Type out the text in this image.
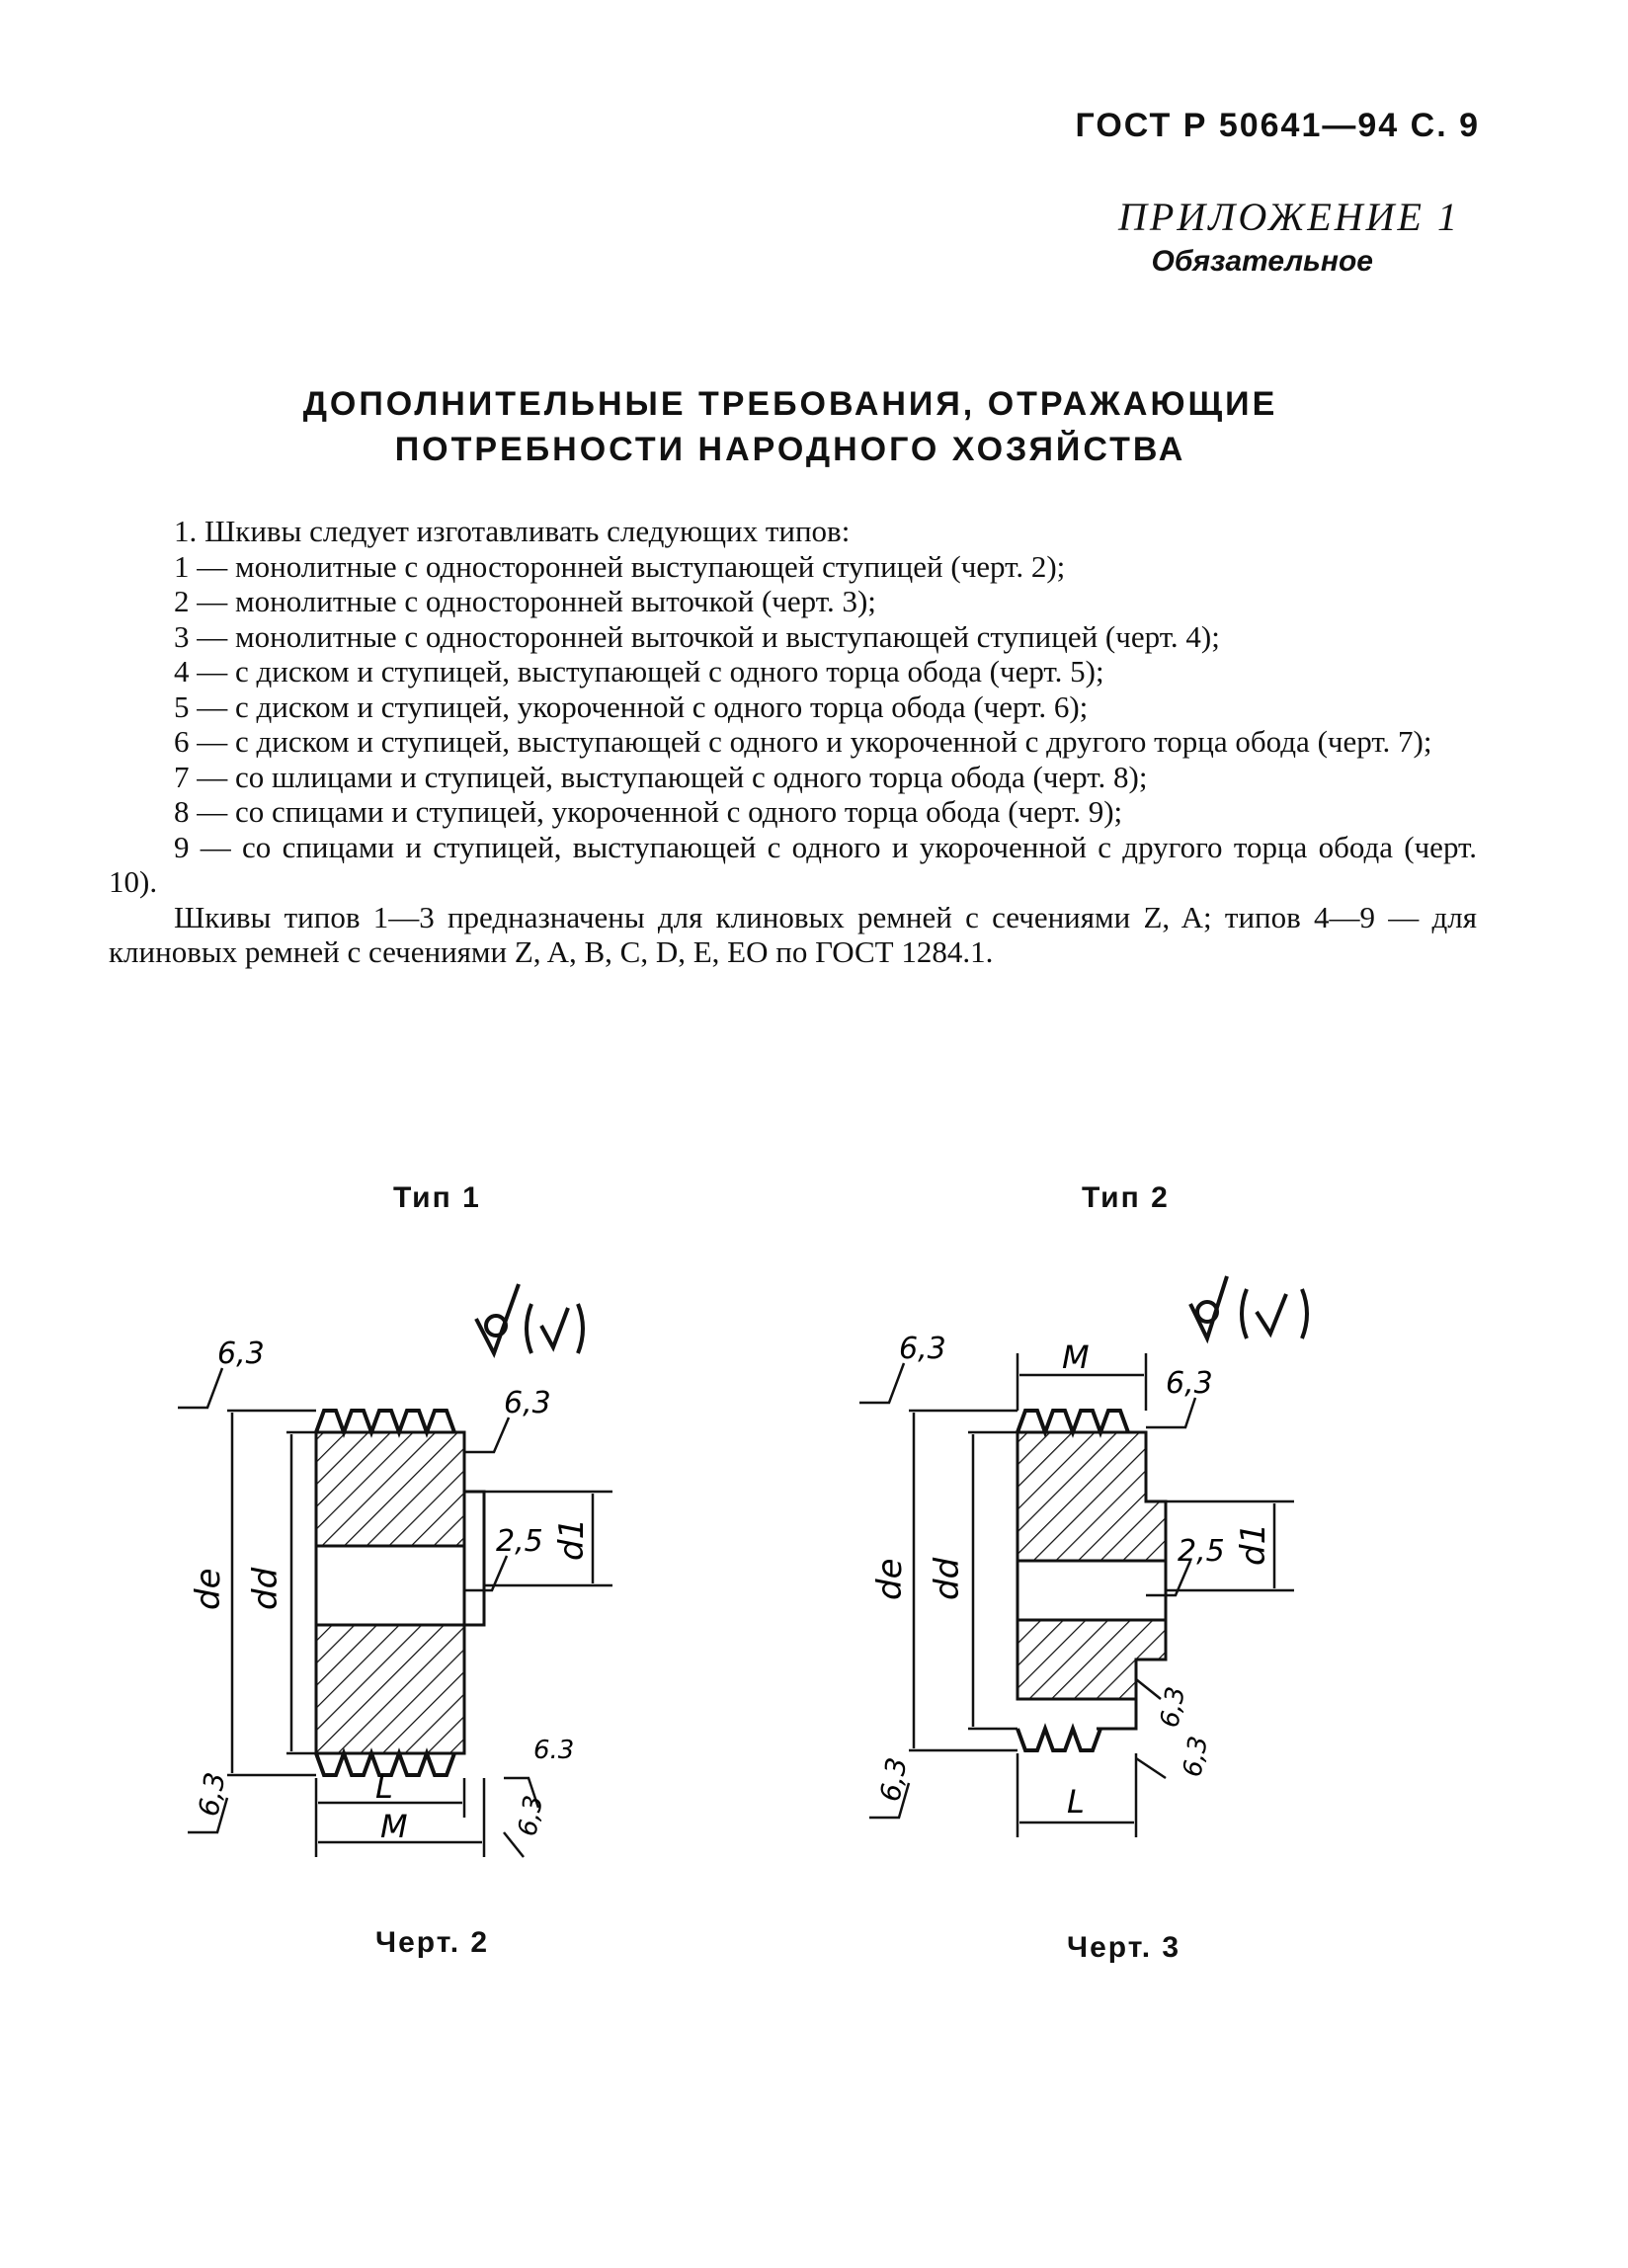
ГОСТ Р 50641—94 С. 9
ПРИЛОЖЕНИЕ 1
Обязательное
ДОПОЛНИТЕЛЬНЫЕ ТРЕБОВАНИЯ, ОТРАЖАЮЩИЕ
ПОТРЕБНОСТИ НАРОДНОГО ХОЗЯЙСТВА

1. Шкивы следует изготавливать следующих типов:

1 — монолитные с односторонней выступающей ступицей (черт. 2);

2 — монолитные с односторонней выточкой (черт. 3);

3 — монолитные с односторонней выточкой и выступающей ступицей (черт. 4);

4 — с диском и ступицей, выступающей с одного торца обода (черт. 5);

5 — с диском и ступицей, укороченной с одного торца обода (черт. 6);

6 — с диском и ступицей, выступающей с одного и укороченной с другого торца обода (черт. 7);

7 — со шлицами и ступицей, выступающей с одного торца обода (черт. 8);

8 — со спицами и ступицей, укороченной с одного торца обода (черт. 9);

9 — со спицами и ступицей, выступающей с одного и укороченной с другого торца обода (черт. 10).

Шкивы типов 1—3 предназначены для клиновых ремней с сечениями Z, A; типов 4—9 — для клиновых ремней с сечениями Z, A, B, C, D, E, EO по ГОСТ 1284.1.

Тип 1
de dd
d1
L
M
6,3
6,3
2,5
6.3
6,3	6,3
Черт. 2
Тип 2
de dd
d1
M
L
6,3
6,3
2,5
6,3
6,3
6,3
Черт. 3
